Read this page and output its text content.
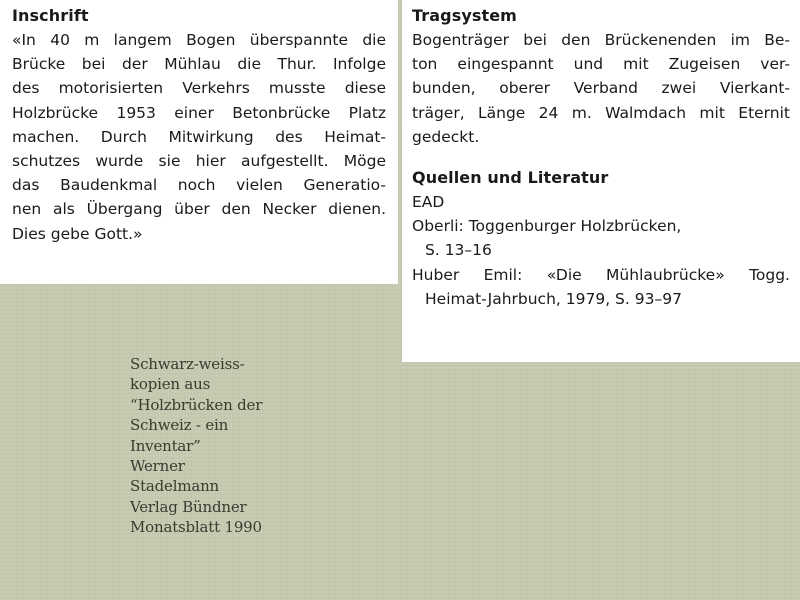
Inschrift

«In 40 m langem Bogen überspannte die
Brücke bei der Mühlau die Thur. Infolge
des motorisierten Verkehrs musste diese
Holzbrücke 1953 einer Betonbrücke Platz
machen. Durch Mitwirkung des Heimat-
schutzes wurde sie hier aufgestellt. Möge
das Baudenkmal noch vielen Generatio-
nen als Übergang über den Necker dienen.
Dies gebe Gott.»

Tragsystem

Bogenträger bei den Brückenenden im Be-
ton eingespannt und mit Zugeisen ver-
bunden, oberer Verband zwei Vierkant-
träger, Länge 24 m. Walmdach mit Eternit
gedeckt.

Quellen und Literatur

EAD
Oberli: Toggenburger Holzbrücken,
S. 13–16
Huber Emil: «Die Mühlaubrücke» Togg.
Heimat-Jahrbuch, 1979, S. 93–97

Schwarz-weiss-
kopien aus
“Holzbrücken der
Schweiz - ein
Inventar”
Werner
Stadelmann
Verlag Bündner
Monatsblatt 1990
